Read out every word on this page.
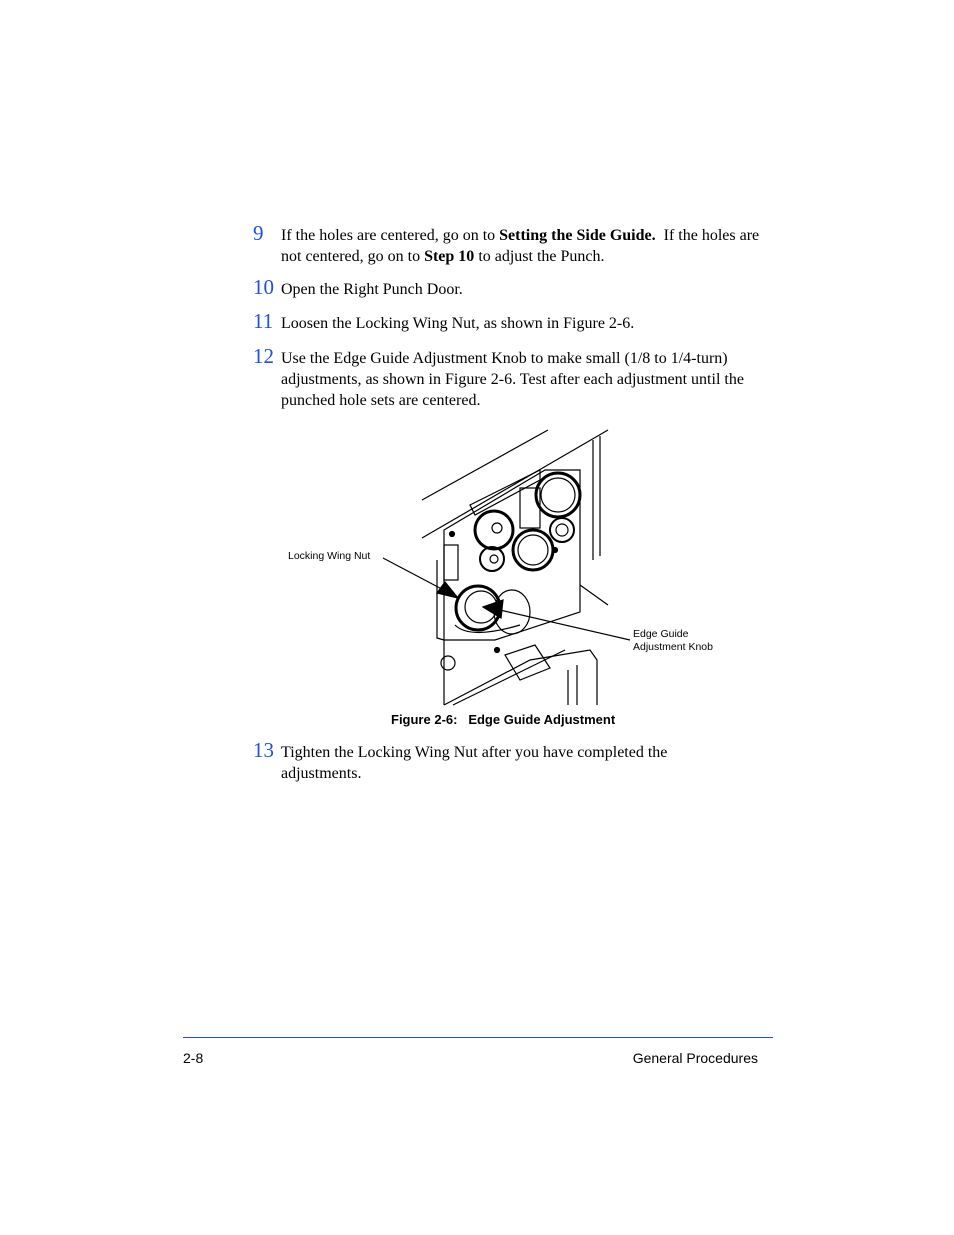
9 If the holes are centered, go on to Setting the Side Guide.  If the holes are not centered, go on to Step 10 to adjust the Punch.
10 Open the Right Punch Door.
11 Loosen the Locking Wing Nut, as shown in Figure 2-6.
12 Use the Edge Guide Adjustment Knob to make small (1/8 to 1/4-turn) adjustments, as shown in Figure 2-6. Test after each adjustment until the punched hole sets are centered.
Locking Wing Nut
Edge Guide
Adjustment Knob
Figure 2-6: Edge Guide Adjustment
13 Tighten the Locking Wing Nut after you have completed the adjustments.
2-8	General Procedures
